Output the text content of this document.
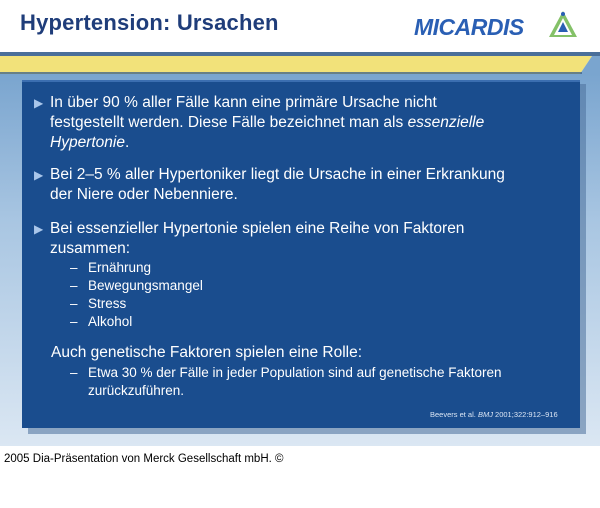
Hypertension: Ursachen	MICARDIS
▶ In über 90 % aller Fälle kann eine primäre Ursache nicht
festgestellt werden. Diese Fälle bezeichnet man als essenzielle
Hypertonie.
▶ Bei 2–5 % aller Hypertoniker liegt die Ursache in einer Erkrankung
der Niere oder Nebenniere.
▶ Bei essenzieller Hypertonie spielen eine Reihe von Faktoren
zusammen:
– Ernährung
– Bewegungsmangel
– Stress
– Alkohol
Auch genetische Faktoren spielen eine Rolle:
– Etwa 30 % der Fälle in jeder Population sind auf genetische Faktoren
zurückzuführen.
Beevers et al. BMJ 2001;322:912–916
2005 Dia-Präsentation von Merck Gesellschaft mbH. ©
